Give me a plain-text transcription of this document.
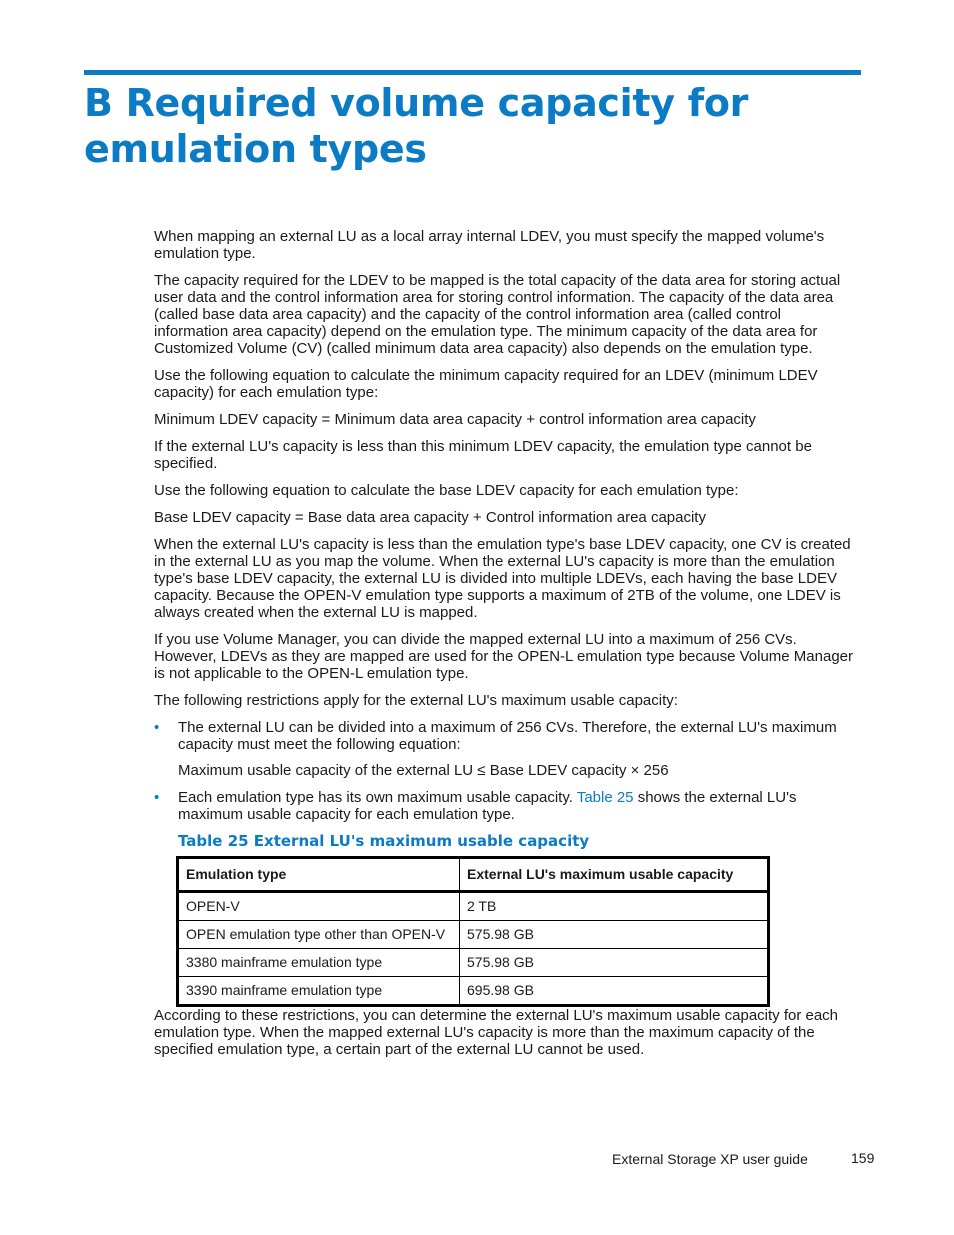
B Required volume capacity for emulation types

When mapping an external LU as a local array internal LDEV, you must specify the mapped volume's emulation type.

The capacity required for the LDEV to be mapped is the total capacity of the data area for storing actual user data and the control information area for storing control information. The capacity of the data area (called base data area capacity) and the capacity of the control information area (called control information area capacity) depend on the emulation type. The minimum capacity of the data area for Customized Volume (CV) (called minimum data area capacity) also depends on the emulation type.

Use the following equation to calculate the minimum capacity required for an LDEV (minimum LDEV capacity) for each emulation type:

Minimum LDEV capacity = Minimum data area capacity + control information area capacity

If the external LU's capacity is less than this minimum LDEV capacity, the emulation type cannot be specified.

Use the following equation to calculate the base LDEV capacity for each emulation type:

Base LDEV capacity = Base data area capacity + Control information area capacity

When the external LU's capacity is less than the emulation type's base LDEV capacity, one CV is created in the external LU as you map the volume. When the external LU's capacity is more than the emulation type's base LDEV capacity, the external LU is divided into multiple LDEVs, each having the base LDEV capacity. Because the OPEN-V emulation type supports a maximum of 2TB of the volume, one LDEV is always created when the external LU is mapped.

If you use Volume Manager, you can divide the mapped external LU into a maximum of 256 CVs. However, LDEVs as they are mapped are used for the OPEN-L emulation type because Volume Manager is not applicable to the OPEN-L emulation type.

The following restrictions apply for the external LU's maximum usable capacity:

• The external LU can be divided into a maximum of 256 CVs. Therefore, the external LU's maximum capacity must meet the following equation:
Maximum usable capacity of the external LU ≤ Base LDEV capacity × 256
• Each emulation type has its own maximum usable capacity. Table 25 shows the external LU's maximum usable capacity for each emulation type.
Table 25 External LU's maximum usable capacity
Emulation type	External LU's maximum usable capacity
OPEN-V	2 TB
OPEN emulation type other than OPEN-V	575.98 GB
3380 mainframe emulation type	575.98 GB
3390 mainframe emulation type	695.98 GB

According to these restrictions, you can determine the external LU's maximum usable capacity for each emulation type. When the mapped external LU's capacity is more than the maximum capacity of the specified emulation type, a certain part of the external LU cannot be used.

External Storage XP user guide	159
